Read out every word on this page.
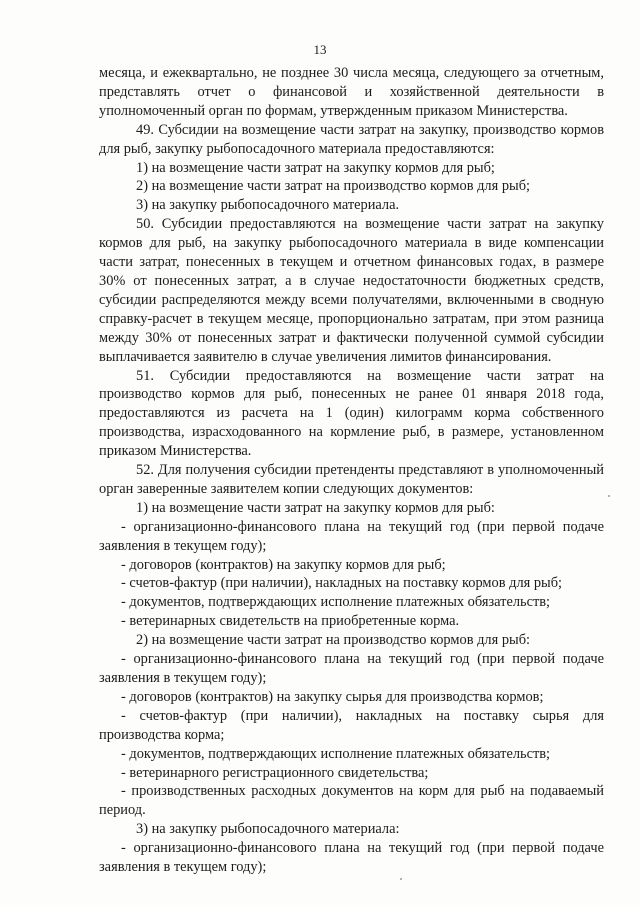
13

месяца, и ежеквартально, не позднее 30 числа месяца, следующего за отчетным, представлять отчет о финансовой и хозяйственной деятельности в уполномоченный орган по формам, утвержденным приказом Министерства.

49. Субсидии на возмещение части затрат на закупку, производство кормов для рыб, закупку рыбопосадочного материала предоставляются:

1) на возмещение части затрат на закупку кормов для рыб;

2) на возмещение части затрат на производство кормов для рыб;

3) на закупку рыбопосадочного материала.

50. Субсидии предоставляются на возмещение части затрат на закупку кормов для рыб, на закупку рыбопосадочного материала в виде компенсации части затрат, понесенных в текущем и отчетном финансовых годах, в размере 30% от понесенных затрат, а в случае недостаточности бюджетных средств, субсидии распределяются между всеми получателями, включенными в сводную справку-расчет в текущем месяце, пропорционально затратам, при этом разница между 30% от понесенных затрат и фактически полученной суммой субсидии выплачивается заявителю в случае увеличения лимитов финансирования.

51. Субсидии предоставляются на возмещение части затрат на производство кормов для рыб, понесенных не ранее 01 января 2018 года, предоставляются из расчета на 1 (один) килограмм корма собственного производства, израсходованного на кормление рыб, в размере, установленном приказом Министерства.

52. Для получения субсидии претенденты представляют в уполномоченный орган заверенные заявителем копии следующих документов:

1) на возмещение части затрат на закупку кормов для рыб:

- организационно-финансового плана на текущий год (при первой подаче заявления в текущем году);

- договоров (контрактов) на закупку кормов для рыб;

- счетов-фактур (при наличии), накладных на поставку кормов для рыб;

- документов, подтверждающих исполнение платежных обязательств;

- ветеринарных свидетельств на приобретенные корма.

2) на возмещение части затрат на производство кормов для рыб:

- организационно-финансового плана на текущий год (при первой подаче заявления в текущем году);

- договоров (контрактов) на закупку сырья для производства кормов;

- счетов-фактур (при наличии), накладных на поставку сырья для производства корма;

- документов, подтверждающих исполнение платежных обязательств;

- ветеринарного регистрационного свидетельства;

- производственных расходных документов на корм для рыб на подаваемый период.

3) на закупку рыбопосадочного материала:

- организационно-финансового плана на текущий год (при первой подаче заявления в текущем году);
